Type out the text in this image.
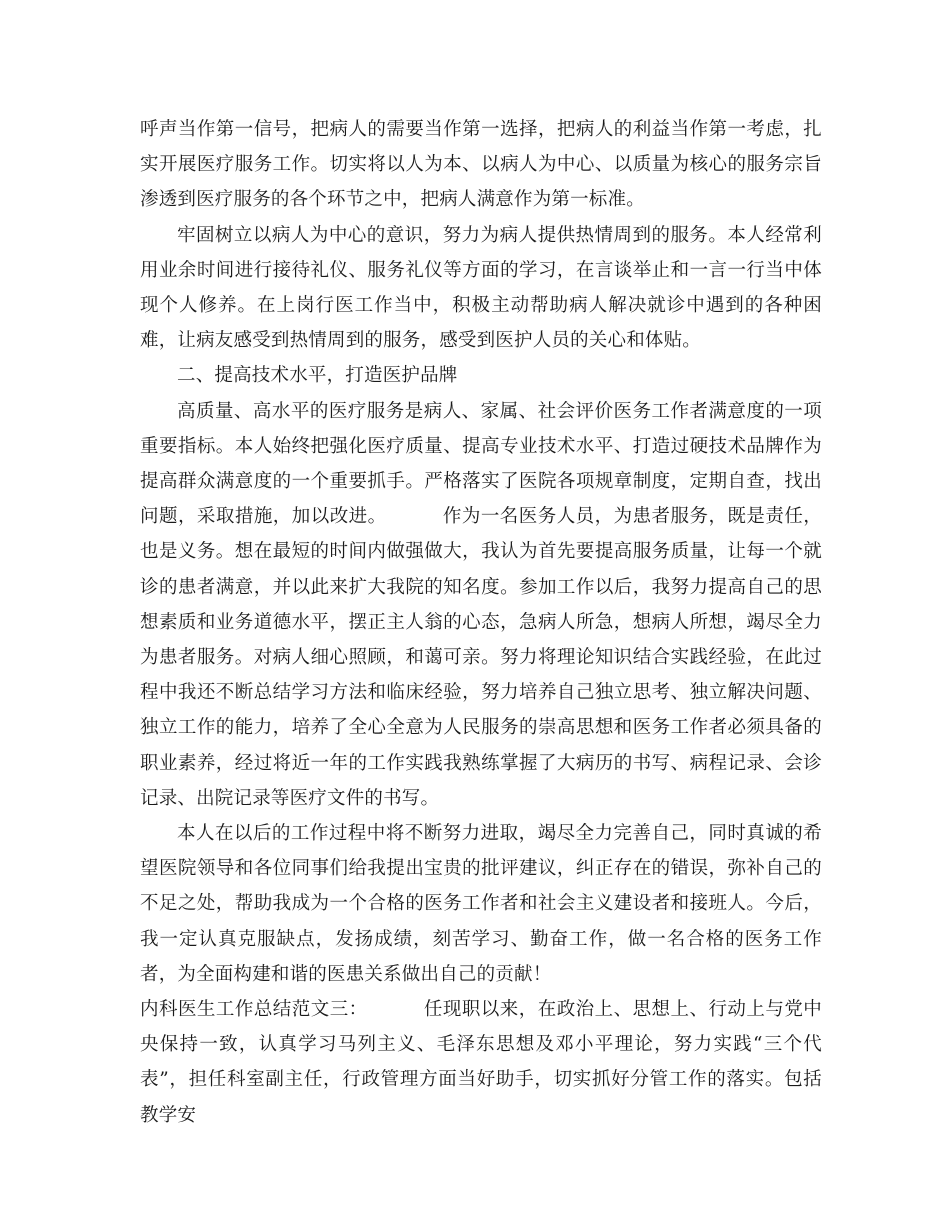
呼声当作第一信号，把病人的需要当作第一选择，把病人的利益当作第一考虑，扎实开展医疗服务工作。切实将以人为本、以病人为中心、以质量为核心的服务宗旨渗透到医疗服务的各个环节之中，把病人满意作为第一标准。

牢固树立以病人为中心的意识，努力为病人提供热情周到的服务。本人经常利用业余时间进行接待礼仪、服务礼仪等方面的学习，在言谈举止和一言一行当中体现个人修养。在上岗行医工作当中，积极主动帮助病人解决就诊中遇到的各种困难，让病友感受到热情周到的服务，感受到医护人员的关心和体贴。

二、提高技术水平，打造医护品牌

高质量、高水平的医疗服务是病人、家属、社会评价医务工作者满意度的一项重要指标。本人始终把强化医疗质量、提高专业技术水平、打造过硬技术品牌作为提高群众满意度的一个重要抓手。严格落实了医院各项规章制度，定期自查，找出问题，采取措施，加以改进。	作为一名医务人员，为患者服务，既是责任，也是义务。想在最短的时间内做强做大，我认为首先要提高服务质量，让每一个就诊的患者满意，并以此来扩大我院的知名度。参加工作以后，我努力提高自己的思想素质和业务道德水平，摆正主人翁的心态，急病人所急，想病人所想，竭尽全力为患者服务。对病人细心照顾，和蔼可亲。努力将理论知识结合实践经验，在此过程中我还不断总结学习方法和临床经验，努力培养自己独立思考、独立解决问题、独立工作的能力，培养了全心全意为人民服务的崇高思想和医务工作者必须具备的职业素养，经过将近一年的工作实践我熟练掌握了大病历的书写、病程记录、会诊记录、出院记录等医疗文件的书写。

本人在以后的工作过程中将不断努力进取，竭尽全力完善自己，同时真诚的希望医院领导和各位同事们给我提出宝贵的批评建议，纠正存在的错误，弥补自己的不足之处，帮助我成为一个合格的医务工作者和社会主义建设者和接班人。今后，我一定认真克服缺点，发扬成绩，刻苦学习、勤奋工作，做一名合格的医务工作者，为全面构建和谐的医患关系做出自己的贡献！

内科医生工作总结范文三：	任现职以来，在政治上、思想上、行动上与党中央保持一致，认真学习马列主义、毛泽东思想及邓小平理论，努力实践“三个代表”，担任科室副主任，行政管理方面当好助手，切实抓好分管工作的落实。包括教学安
